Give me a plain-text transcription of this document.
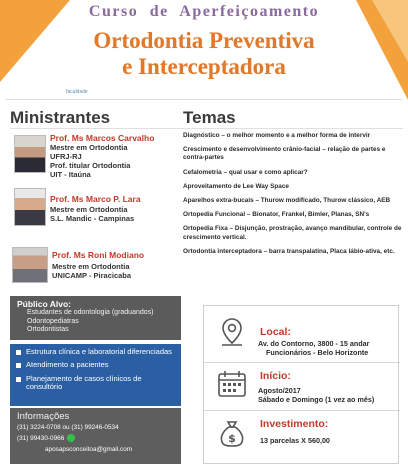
Curso de Aperfeiçoamento
Ortodontia Preventiva
e Interceptadora
faculdade
Ministrantes	Temas
Prof. Ms Marcos Carvalho
Mestre em Ortodontia
UFRJ-RJ
Prof. titular Ortodontia
UIT - Itaúna
Prof. Ms Marco P. Lara
Mestre em Ortodontia
S.L. Mandic - Campinas
Prof. Ms Roni Modiano
Mestre em Ortodontia
UNICAMP - Piracicaba
Diagnóstico – o melhor momento e a melhor forma de intervir
Crescimento e desenvolvimento crânio-facial – relação de partes e contra-partes
Cefalometria – qual usar e como aplicar?
Aproveitamento de Lee Way Space
Aparelhos extra-bucais – Thurow modificado, Thurow clássico, AEB
Ortopedia Funcional – Bionator, Frankel, Bimler, Planas, SN's
Ortopedia Fixa – Disjunção, prostração, avanço mandibular, controle de crescimento vertical.
Ortodontia interceptadora – barra transpalatina, Placa lábio-ativa, etc.
Público Alvo:
Estudantes de odontologia (graduandos)
Odontopediatras
Ortodontistas
Estrutura clínica e laboratorial diferenciadas
Atendimento a pacientes
Planejamento de casos clínicos de consultório
Informações
(31) 3224-0708 ou (31) 99246-0534
(31) 99430-0966
aposapsconceitoa@gmail.com
Local:
Av. do Contorno, 3800 - 15 andar
Funcionários - Belo Horizonte
Início:
Agosto/2017
Sábado e Domingo (1 vez ao mês)
$
Investimento:
13 parcelas X 560,00
